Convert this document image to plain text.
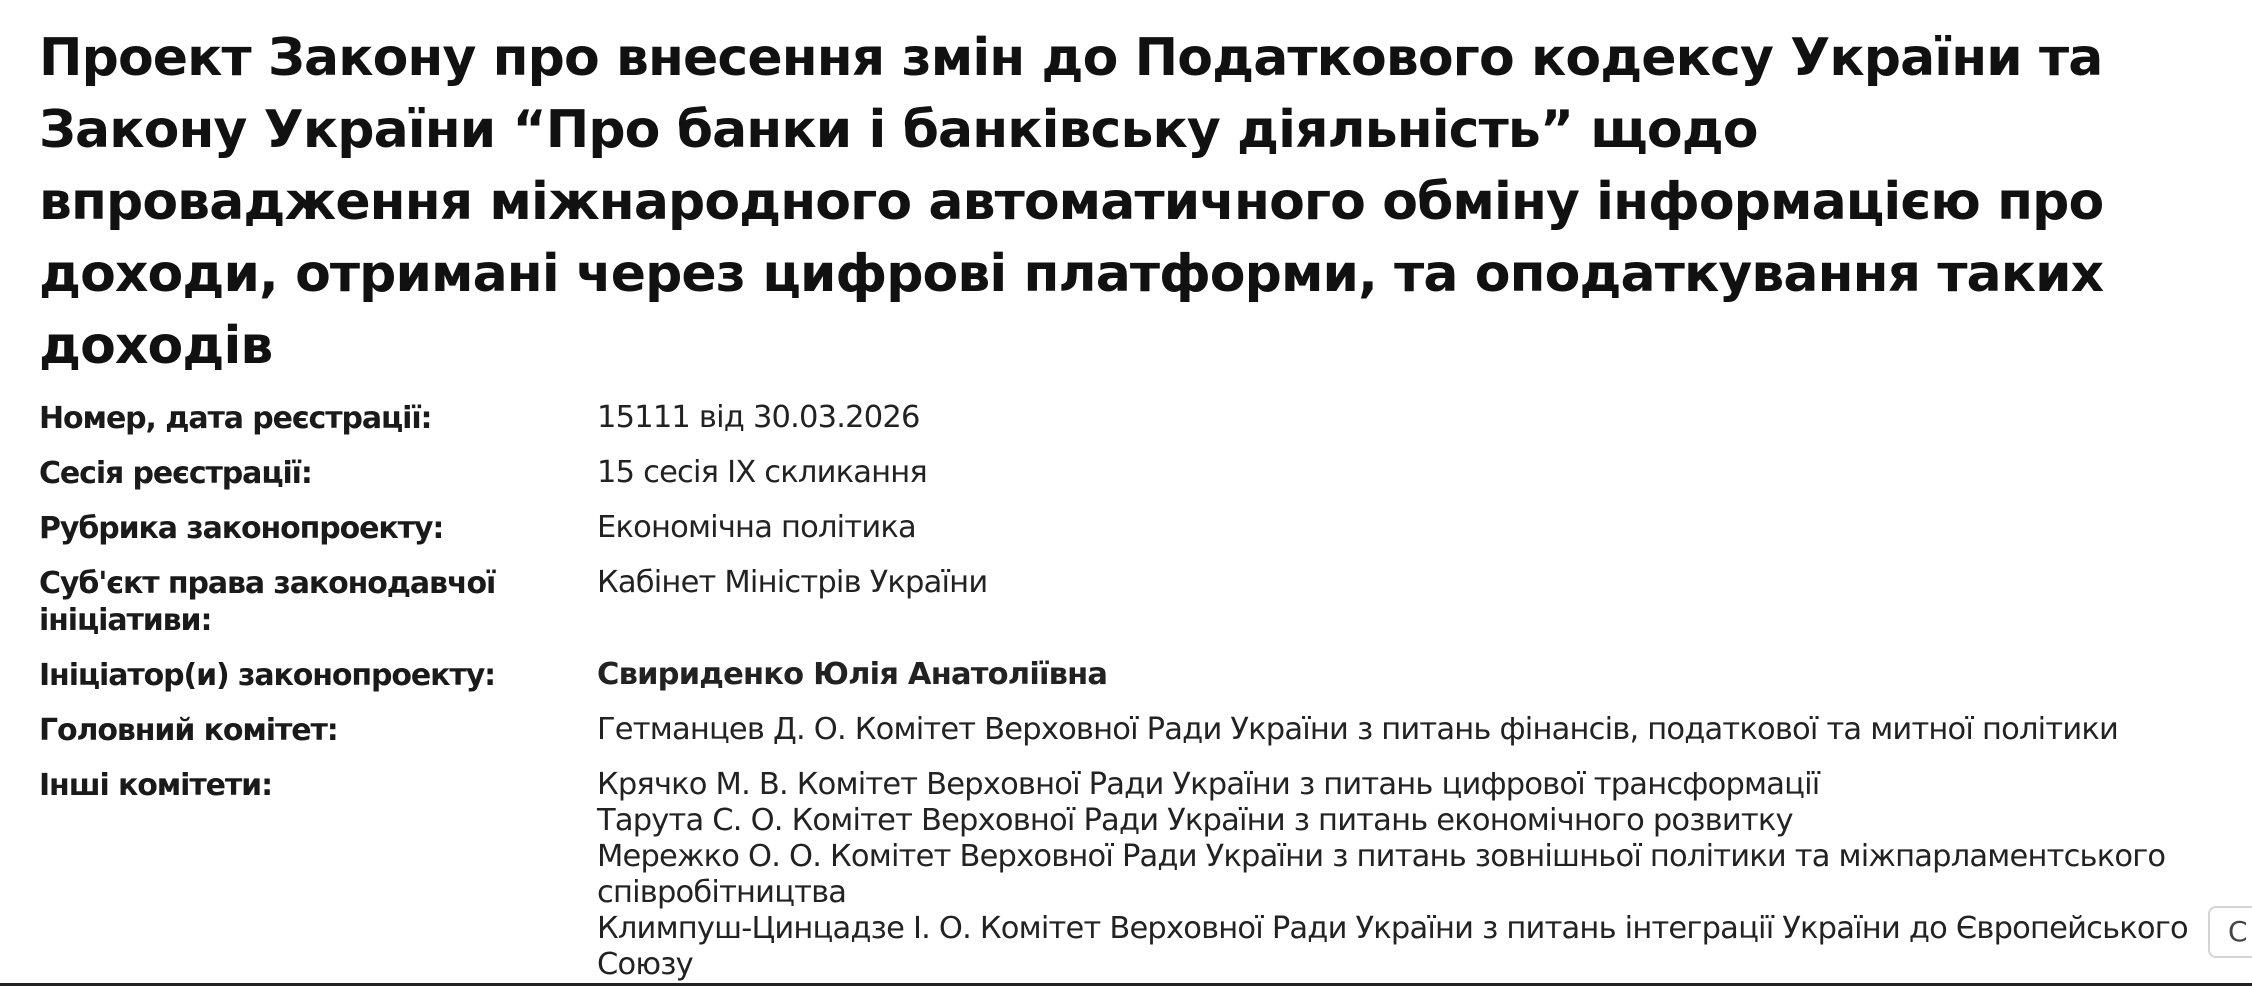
Проект Закону про внесення змін до Податкового кодексу України та Закону України “Про банки і банківську діяльність” щодо впровадження міжнародного автоматичного обміну інформацією про доходи, отримані через цифрові платформи, та оподаткування таких доходів
Номер, дата реєстрації:	15111 від 30.03.2026
Сесія реєстрації:	15 сесія IX скликання
Рубрика законопроекту:	Економічна політика
Суб'єкт права законодавчої ініціативи:
Кабінет Міністрів України
Ініціатор(и) законопроекту:	Свириденко Юлія Анатоліївна
Головний комітет:	Гетманцев Д. О. Комітет Верховної Ради України з питань фінансів, податкової та митної політики
Інші комітети:	Крячко М. В. Комітет Верховної Ради України з питань цифрової трансформації
Тарута С. О. Комітет Верховної Ради України з питань економічного розвитку
Мережко О. О. Комітет Верховної Ради України з питань зовнішньої політики та міжпарламентського співробітництва
Климпуш-Цинцадзе І. О. Комітет Верховної Ради України з питань інтеграції України до Європейського Союзу
С
